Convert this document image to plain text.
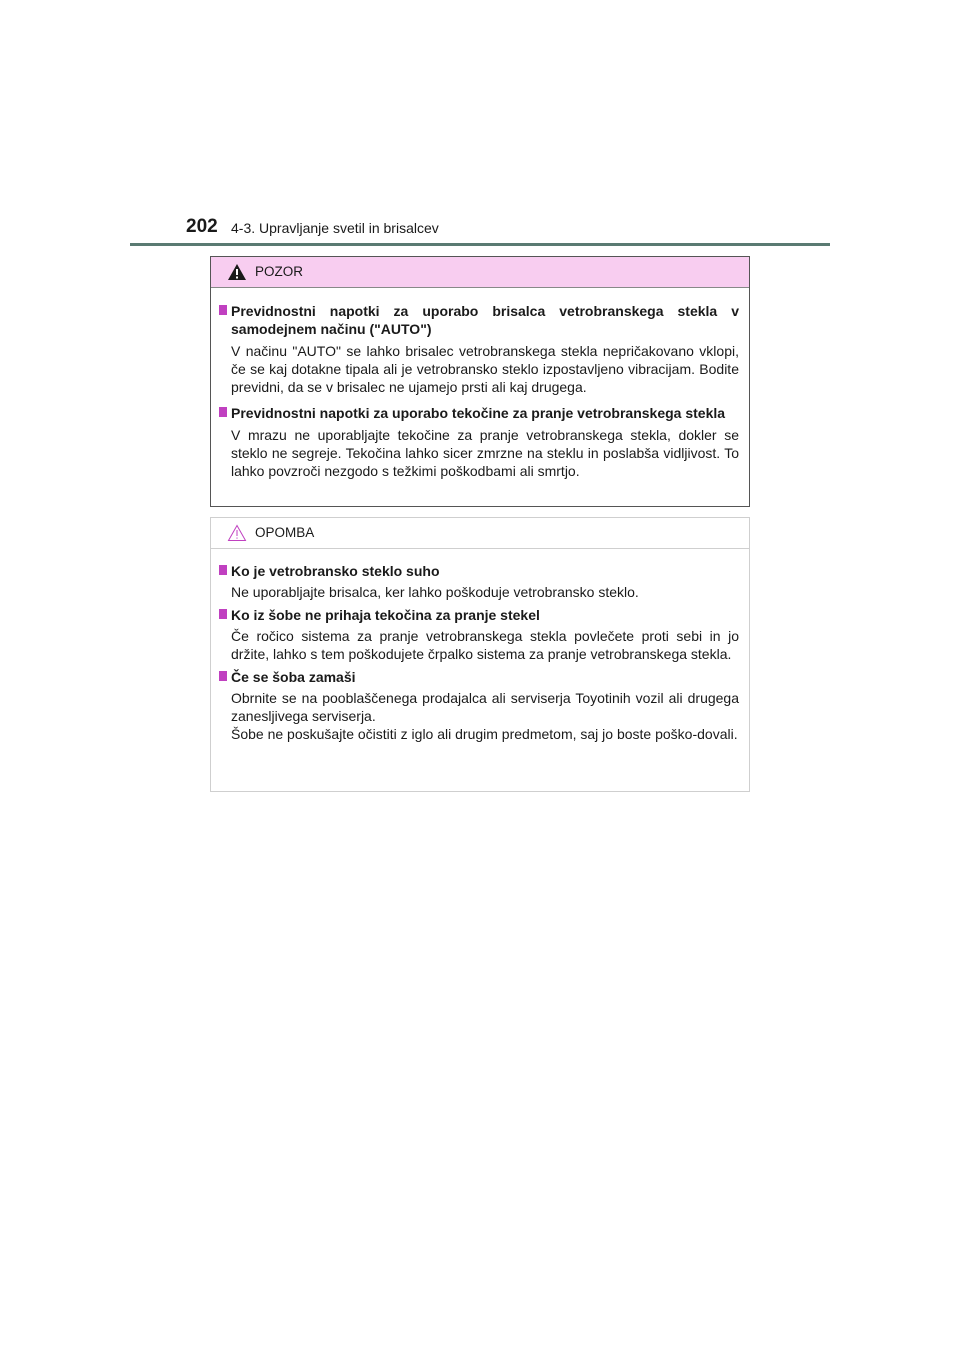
202 4-3. Upravljanje svetil in brisalcev
POZOR
Previdnostni napotki za uporabo brisalca vetrobranskega stekla v samodejnem načinu ("AUTO")
V načinu "AUTO" se lahko brisalec vetrobranskega stekla nepričakovano vklopi, če se kaj dotakne tipala ali je vetrobransko steklo izpostavljeno vibracijam. Bodite previdni, da se v brisalec ne ujamejo prsti ali kaj drugega.
Previdnostni napotki za uporabo tekočine za pranje vetrobranskega stekla
V mrazu ne uporabljajte tekočine za pranje vetrobranskega stekla, dokler se steklo ne segreje. Tekočina lahko sicer zmrzne na steklu in poslabša vidljivost. To lahko povzroči nezgodo s težkimi poškodbami ali smrtjo.
OPOMBA
Ko je vetrobransko steklo suho
Ne uporabljajte brisalca, ker lahko poškoduje vetrobransko steklo.
Ko iz šobe ne prihaja tekočina za pranje stekel
Če ročico sistema za pranje vetrobranskega stekla povlečete proti sebi in jo držite, lahko s tem poškodujete črpalko sistema za pranje vetrobranskega stekla.
Če se šoba zamaši
Obrnite se na pooblaščenega prodajalca ali serviserja Toyotinih vozil ali drugega zanesljivega serviserja.
Šobe ne poskušajte očistiti z iglo ali drugim predmetom, saj jo boste poško-dovali.
